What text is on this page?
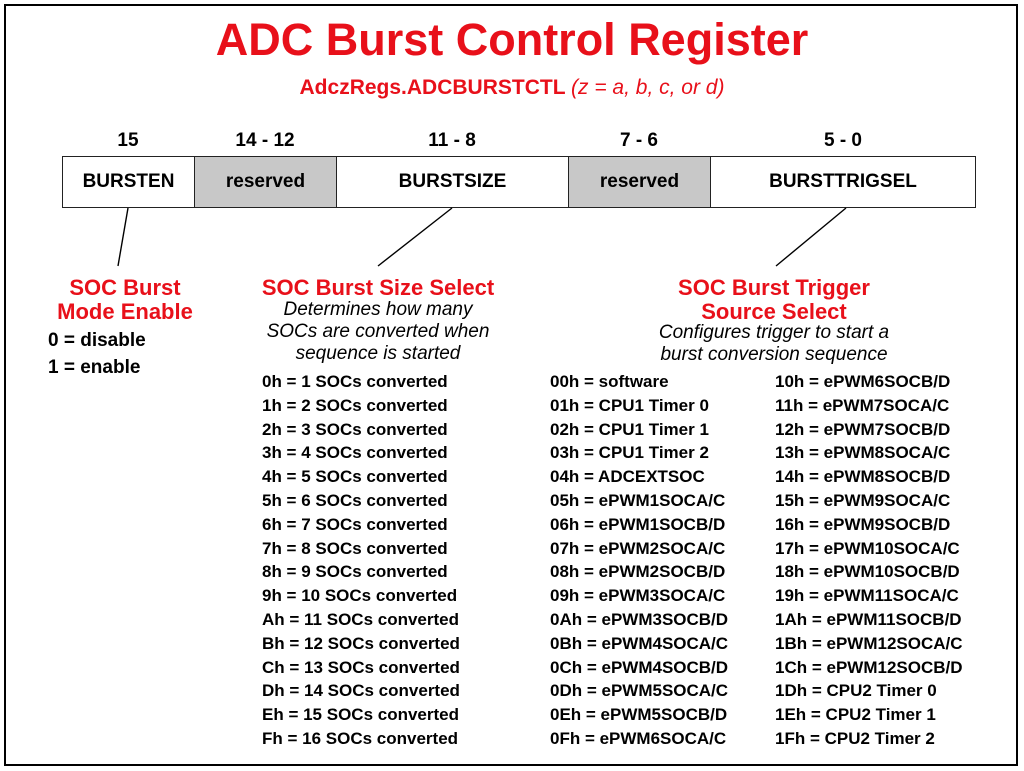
ADC Burst Control Register
AdczRegs.ADCBURSTCTL (z = a, b, c, or d)
15	14 - 12	11 - 8	7 - 6	5 - 0
BURSTEN	reserved	BURSTSIZE	reserved	BURSTTRIGSEL
SOC Burst
Mode Enable
0 = disable
1 = enable
SOC Burst Size Select
Determines how many
SOCs are converted when
sequence is started
0h = 1 SOCs converted
1h = 2 SOCs converted
2h = 3 SOCs converted
3h = 4 SOCs converted
4h = 5 SOCs converted
5h = 6 SOCs converted
6h = 7 SOCs converted
7h = 8 SOCs converted
8h = 9 SOCs converted
9h = 10 SOCs converted
Ah = 11 SOCs converted
Bh = 12 SOCs converted
Ch = 13 SOCs converted
Dh = 14 SOCs converted
Eh = 15 SOCs converted
Fh = 16 SOCs converted
SOC Burst Trigger
Source Select
Configures trigger to start a
burst conversion sequence
00h = software
01h = CPU1 Timer 0
02h = CPU1 Timer 1
03h = CPU1 Timer 2
04h = ADCEXTSOC
05h = ePWM1SOCA/C
06h = ePWM1SOCB/D
07h = ePWM2SOCA/C
08h = ePWM2SOCB/D
09h = ePWM3SOCA/C
0Ah = ePWM3SOCB/D
0Bh = ePWM4SOCA/C
0Ch = ePWM4SOCB/D
0Dh = ePWM5SOCA/C
0Eh = ePWM5SOCB/D
0Fh = ePWM6SOCA/C
10h = ePWM6SOCB/D
11h = ePWM7SOCA/C
12h = ePWM7SOCB/D
13h = ePWM8SOCA/C
14h = ePWM8SOCB/D
15h = ePWM9SOCA/C
16h = ePWM9SOCB/D
17h = ePWM10SOCA/C
18h = ePWM10SOCB/D
19h = ePWM11SOCA/C
1Ah = ePWM11SOCB/D
1Bh = ePWM12SOCA/C
1Ch = ePWM12SOCB/D
1Dh = CPU2 Timer 0
1Eh = CPU2 Timer 1
1Fh = CPU2 Timer 2
